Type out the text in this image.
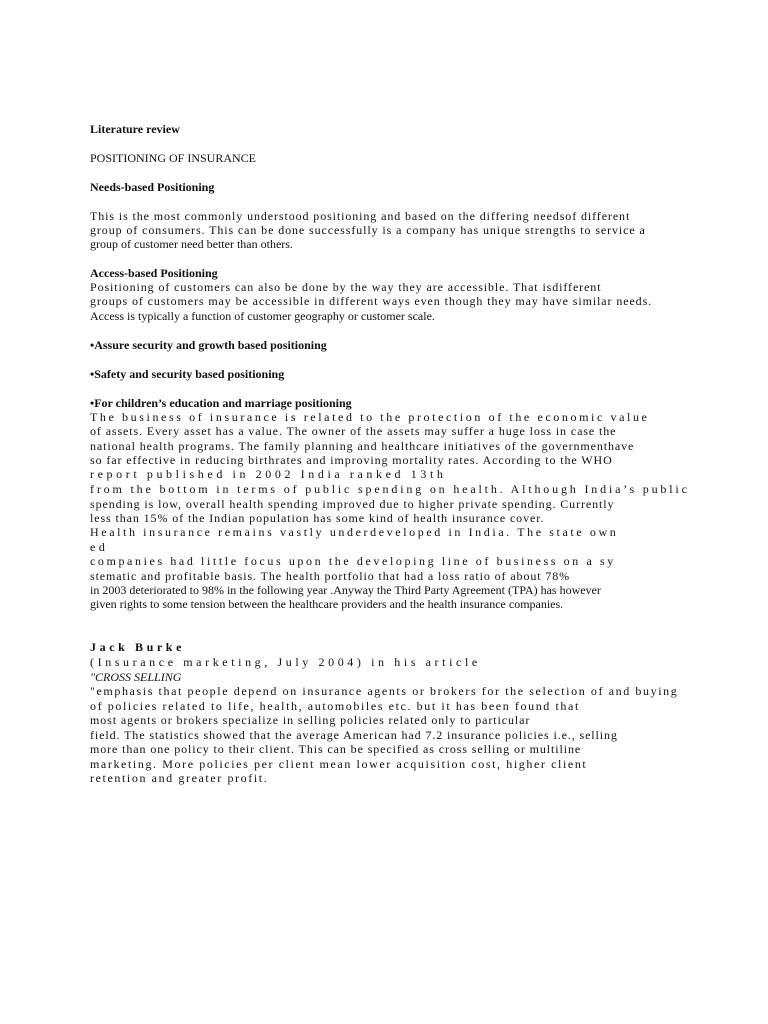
Literature review
POSITIONING OF INSURANCE
Needs-based Positioning
This is the most commonly understood positioning and based on the differing needsof different
group of consumers. This can be done successfully is a company has unique strengths to service a
group of customer need better than others.
Access-based Positioning
Positioning of customers can also be done by the way they are accessible. That isdifferent
groups of customers may be accessible in different ways even though they may have similar needs.
Access is typically a function of customer geography or customer scale.
•Assure security and growth based positioning
•Safety and security based positioning
•For children’s education and marriage positioning
The business of insurance is related to the protection of the economic value
of assets. Every asset has a value. The owner of the assets may suffer a huge loss in case the
national health programs. The family planning and healthcare initiatives of the governmenthave
so far effective in reducing birthrates and improving mortality rates. According to the WHO
report published in 2002 India ranked 13th
from the bottom in terms of public spending on health. Although India’s public
spending is low, overall health spending improved due to higher private spending. Currently
less than 15% of the Indian population has some kind of health insurance cover.
Health insurance remains vastly underdeveloped in India. The state own
ed
companies had little focus upon the developing line of business on a sy
stematic and profitable basis. The health portfolio that had a loss ratio of about 78%
in 2003 deteriorated to 98% in the following year .Anyway the Third Party Agreement (TPA) has however
given rights to some tension between the healthcare providers and the health insurance companies.
Jack Burke
(Insurance marketing, July 2004) in his article
"CROSS SELLING
"emphasis that people depend on insurance agents or brokers for the selection of and buying
of policies related to life, health, automobiles etc. but it has been found that
most agents or brokers specialize in selling policies related only to particular
field. The statistics showed that the average American had 7.2 insurance policies i.e., selling
more than one policy to their client. This can be specified as cross selling or multiline
marketing. More policies per client mean lower acquisition cost, higher client
retention and greater profit.
